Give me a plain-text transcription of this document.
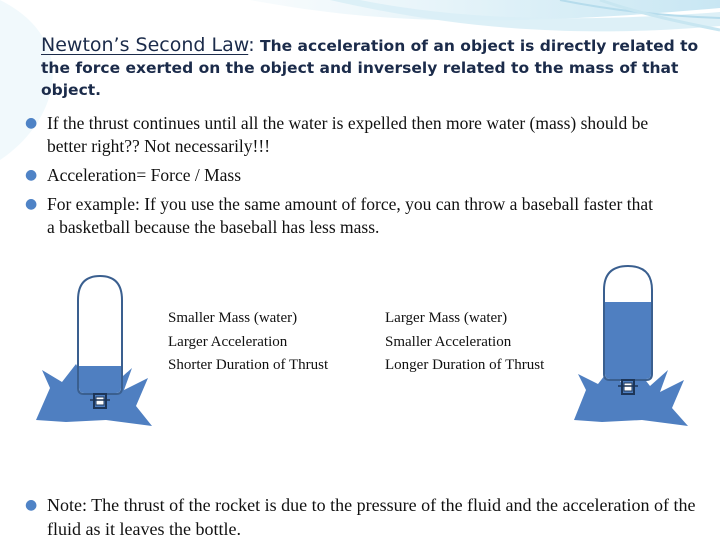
Newton’s Second Law: The acceleration of an object is directly related to the force exerted on the object and inversely related to the mass of that object.
● If the thrust continues until all the water is expelled then more water (mass) should be better right?? Not necessarily!!!
● Acceleration= Force / Mass
● For example: If you use the same amount of force, you can throw a baseball faster that a basketball because the baseball has less mass.
Smaller Mass (water)
Larger Acceleration
Shorter Duration of Thrust
Larger Mass (water)
Smaller Acceleration
Longer Duration of Thrust
● Note: The thrust of the rocket is due to the pressure of the fluid and the acceleration of the fluid as it leaves the bottle.
